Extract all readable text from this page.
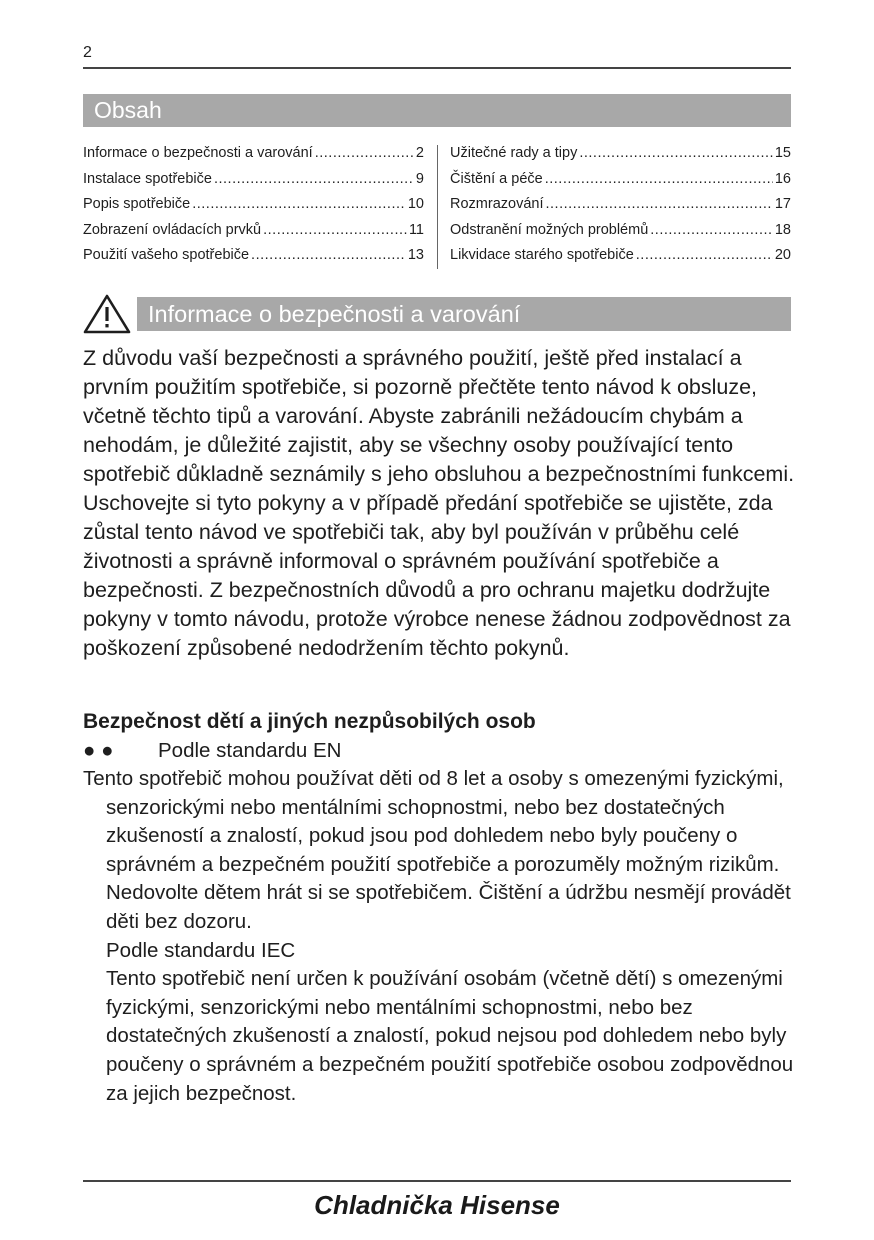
2
Obsah
Informace o bezpečnosti a varování .....	2
Instalace spotřebiče .....	9
Popis spotřebiče .....	10
Zobrazení ovládacích prvků .....	11
Použití vašeho spotřebiče .....	13
Užitečné rady a tipy .....	15
Čištění a péče .....	16
Rozmrazování .....	17
Odstranění možných problémů .....	18
Likvidace starého spotřebiče .....	20
Informace o bezpečnosti a varování

Z důvodu vaší bezpečnosti a správného použití, ještě před instalací a prvním použitím spotřebiče, si pozorně přečtěte tento návod k obsluze, včetně těchto tipů a varování. Abyste zabránili nežádoucím chybám a nehodám, je důležité zajistit, aby se všechny osoby používající tento spotřebič důkladně seznámily s jeho obsluhou a bezpečnostními funkcemi. Uschovejte si tyto pokyny a v případě předání spotřebiče se ujistěte, zda zůstal tento návod ve spotřebiči tak, aby byl používán v průběhu celé životnosti a správně informoval o správném používání spotřebiče a bezpečnosti. Z bezpečnostních důvodů a pro ochranu majetku dodržujte pokyny v tomto návodu, protože výrobce nenese žádnou zodpovědnost za poškození způsobené nedodržením těchto pokynů.

Bezpečnost dětí a jiných nezpůsobilých osob

● ● Podle standardu EN

Tento spotřebič mohou používat děti od 8 let a osoby s omezenými fyzickými, senzorickými nebo mentálními schopnostmi, nebo bez dostatečných zkušeností a znalostí, pokud jsou pod dohledem nebo byly poučeny o správném a bezpečném použití spotřebiče a porozuměly možným rizikům. Nedovolte dětem hrát si se spotřebičem. Čištění a údržbu nesmějí provádět děti bez dozoru.

Podle standardu IEC

Tento spotřebič není určen k používání osobám (včetně dětí) s omezenými fyzickými, senzorickými nebo mentálními schopnostmi, nebo bez dostatečných zkušeností a znalostí, pokud nejsou pod dohledem nebo byly poučeny o správném a bezpečném použití spotřebiče osobou zodpovědnou za jejich bezpečnost.

Chladnička Hisense
